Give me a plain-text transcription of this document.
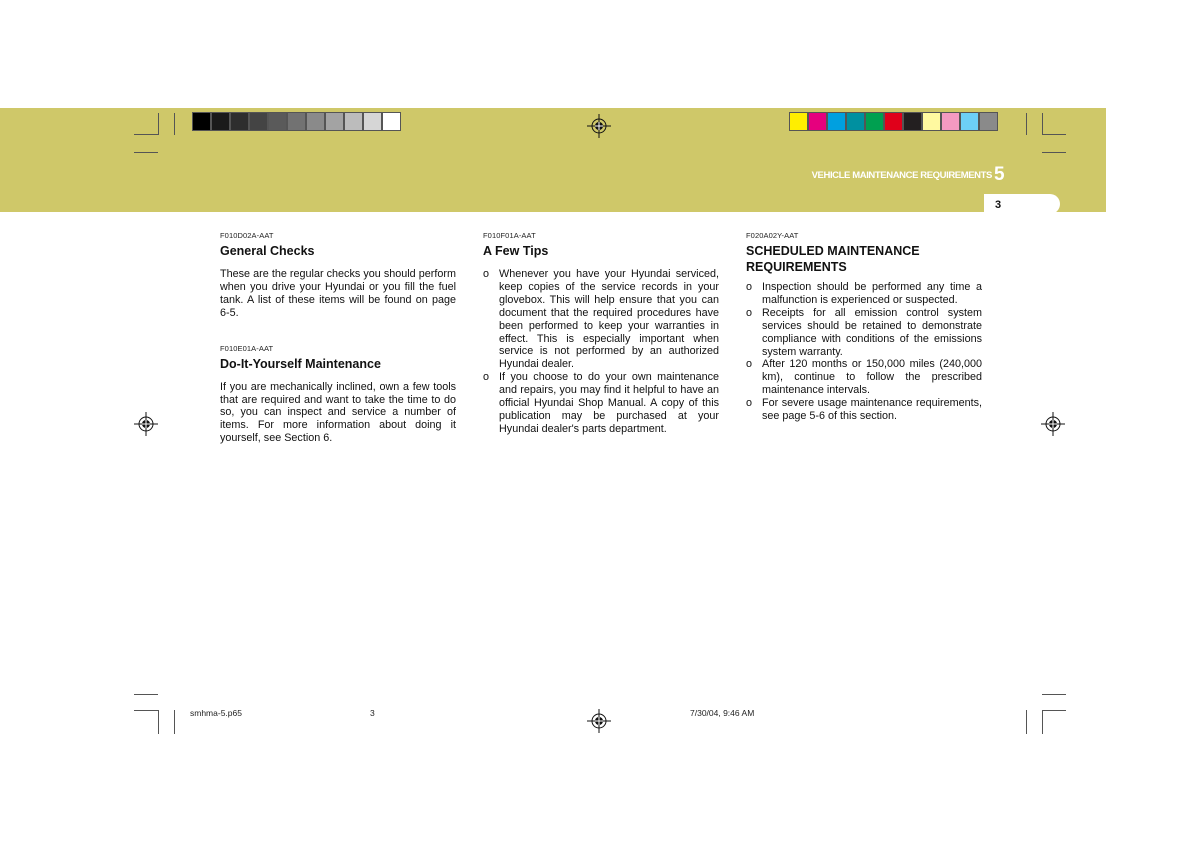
VEHICLE MAINTENANCE REQUIREMENTS 5
3

F010D02A-AAT

General Checks

These are the regular checks you should perform when you drive your Hyundai or you fill the fuel tank. A list of these items will be found on page 6-5.

F010E01A-AAT

Do-It-Yourself Maintenance

If you are mechanically inclined, own a few tools that are required and want to take the time to do so, you can inspect and service a number of items. For more information about doing it yourself, see Section 6.

F010F01A-AAT

A Few Tips
o Whenever you have your Hyundai serviced, keep copies of the service records in your glovebox. This will help ensure that you can document that the required procedures have been performed to keep your warranties in effect. This is especially important when service is not performed by an authorized Hyundai dealer.
o If you choose to do your own maintenance and repairs, you may find it helpful to have an official Hyundai Shop Manual. A copy of this publication may be purchased at your Hyundai dealer's parts department.

F020A02Y-AAT

SCHEDULED MAINTENANCE REQUIREMENTS
o Inspection should be performed any time a malfunction is experienced or suspected.
o Receipts for all emission control system services should be retained to demonstrate compliance with conditions of the emissions system warranty.
o After 120 months or 150,000 miles (240,000 km), continue to follow the prescribed maintenance intervals.
o For severe usage maintenance requirements, see page 5-6 of this section.
smhma-5.p65	3	7/30/04, 9:46 AM
